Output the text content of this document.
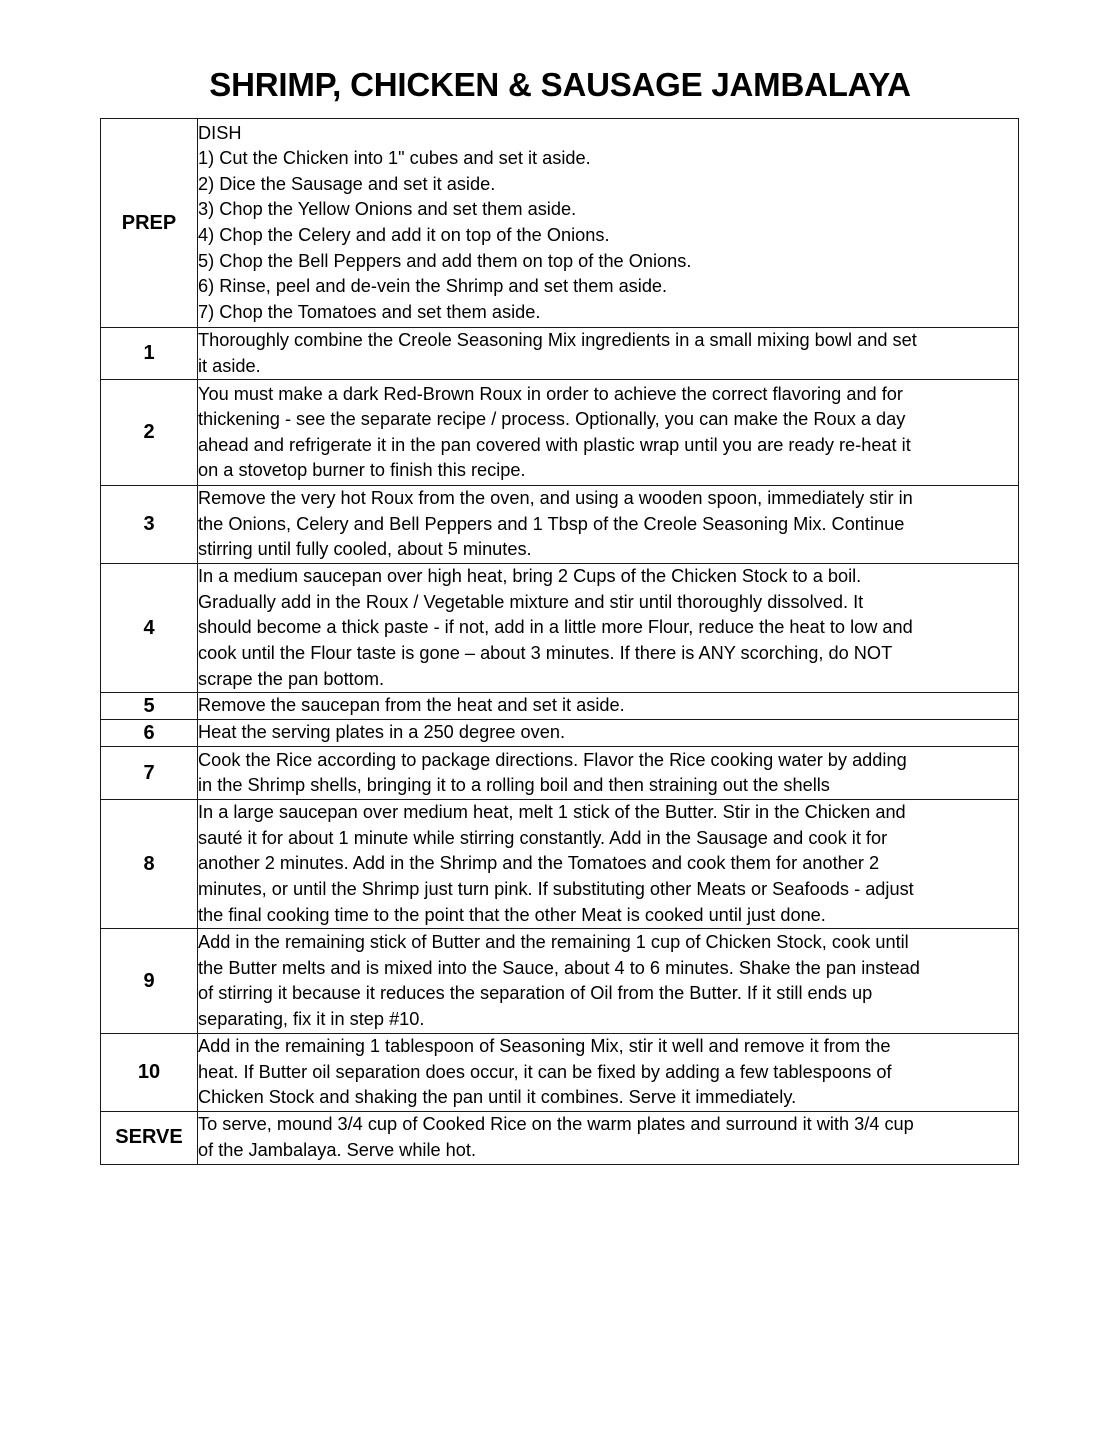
SHRIMP, CHICKEN & SAUSAGE JAMBALAYA
PREP	
DISH
1) Cut the Chicken into 1" cubes and set it aside.
2) Dice the Sausage and set it aside.
3) Chop the Yellow Onions and set them aside.
4) Chop the Celery and add it on top of the Onions.
5) Chop the Bell Peppers and add them on top of the Onions.
6) Rinse, peel and de-vein the Shrimp and set them aside.
7) Chop the Tomatoes and set them aside.

1	Thoroughly combine the Creole Seasoning Mix ingredients in a small mixing bowl and set
it aside.

2	You must make a dark Red-Brown Roux in order to achieve the correct flavoring and for
thickening - see the separate recipe / process. Optionally, you can make the Roux a day
ahead and refrigerate it in the pan covered with plastic wrap until you are ready re-heat it
on a stovetop burner to finish this recipe.

3	Remove the very hot Roux from the oven, and using a wooden spoon, immediately stir in
the Onions, Celery and Bell Peppers and 1 Tbsp of the Creole Seasoning Mix. Continue
stirring until fully cooled, about 5 minutes.

4	In a medium saucepan over high heat, bring 2 Cups of the Chicken Stock to a boil.
Gradually add in the Roux / Vegetable mixture and stir until thoroughly dissolved. It
should become a thick paste - if not, add in a little more Flour, reduce the heat to low and
cook until the Flour taste is gone – about 3 minutes. If there is ANY scorching, do NOT
scrape the pan bottom.

5	Remove the saucepan from the heat and set it aside.

6	Heat the serving plates in a 250 degree oven.

7	Cook the Rice according to package directions. Flavor the Rice cooking water by adding
in the Shrimp shells, bringing it to a rolling boil and then straining out the shells

8	In a large saucepan over medium heat, melt 1 stick of the Butter. Stir in the Chicken and
sauté it for about 1 minute while stirring constantly. Add in the Sausage and cook it for
another 2 minutes. Add in the Shrimp and the Tomatoes and cook them for another 2
minutes, or until the Shrimp just turn pink. If substituting other Meats or Seafoods - adjust
the final cooking time to the point that the other Meat is cooked until just done.

9	Add in the remaining stick of Butter and the remaining 1 cup of Chicken Stock, cook until
the Butter melts and is mixed into the Sauce, about 4 to 6 minutes. Shake the pan instead
of stirring it because it reduces the separation of Oil from the Butter. If it still ends up
separating, fix it in step #10.

10	Add in the remaining 1 tablespoon of Seasoning Mix, stir it well and remove it from the
heat. If Butter oil separation does occur, it can be fixed by adding a few tablespoons of
Chicken Stock and shaking the pan until it combines. Serve it immediately.

SERVE	To serve, mound 3/4 cup of Cooked Rice on the warm plates and surround it with 3/4 cup
of the Jambalaya. Serve while hot.
